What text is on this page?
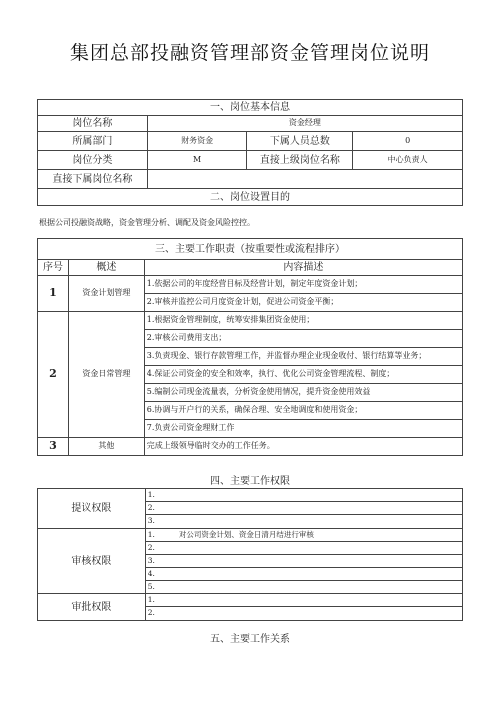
集团总部投融资管理部资金管理岗位说明
一、岗位基本信息			
岗位名称	资金经理		
所属部门	财务资金	下属人员总数	0
岗位分类	M	直接上级岗位名称	中心负责人
直接下属岗位名称			
二、岗位设置目的			
根据公司投融资战略，资金管理分析、调配及资金风险控控。
三、主要工作职责（按重要性或流程排序）		
序号	概述	内容描述
1	资金计划管理	1.依据公司的年度经营目标及经营计划，制定年度资金计划；
		2.审核并监控公司月度资金计划，促进公司资金平衡；
2	资金日常管理	1.根据资金管理制度，统筹安排集团资金使用；
		2.审核公司费用支出；
		3.负责现金、银行存款管理工作，并监督办理企业现金收付、银行结算等业务；
		4.保证公司资金的安全和效率，执行、优化公司资金管理流程、制度；
		5.编制公司现金流量表，分析资金使用情况，提升资金使用效益
		6.协调与开户行的关系，确保合理、安全地调度和使用资金；
		7.负责公司资金理财工作
3	其他	完成上级领导临时交办的工作任务。
四、主要工作权限
提议权限	1.
	2.
	3.
审核权限	1. 对公司资金计划、资金日清月结进行审核
	2.
	3.
	4.
	5.
审批权限	1.
	2.
五、主要工作关系
